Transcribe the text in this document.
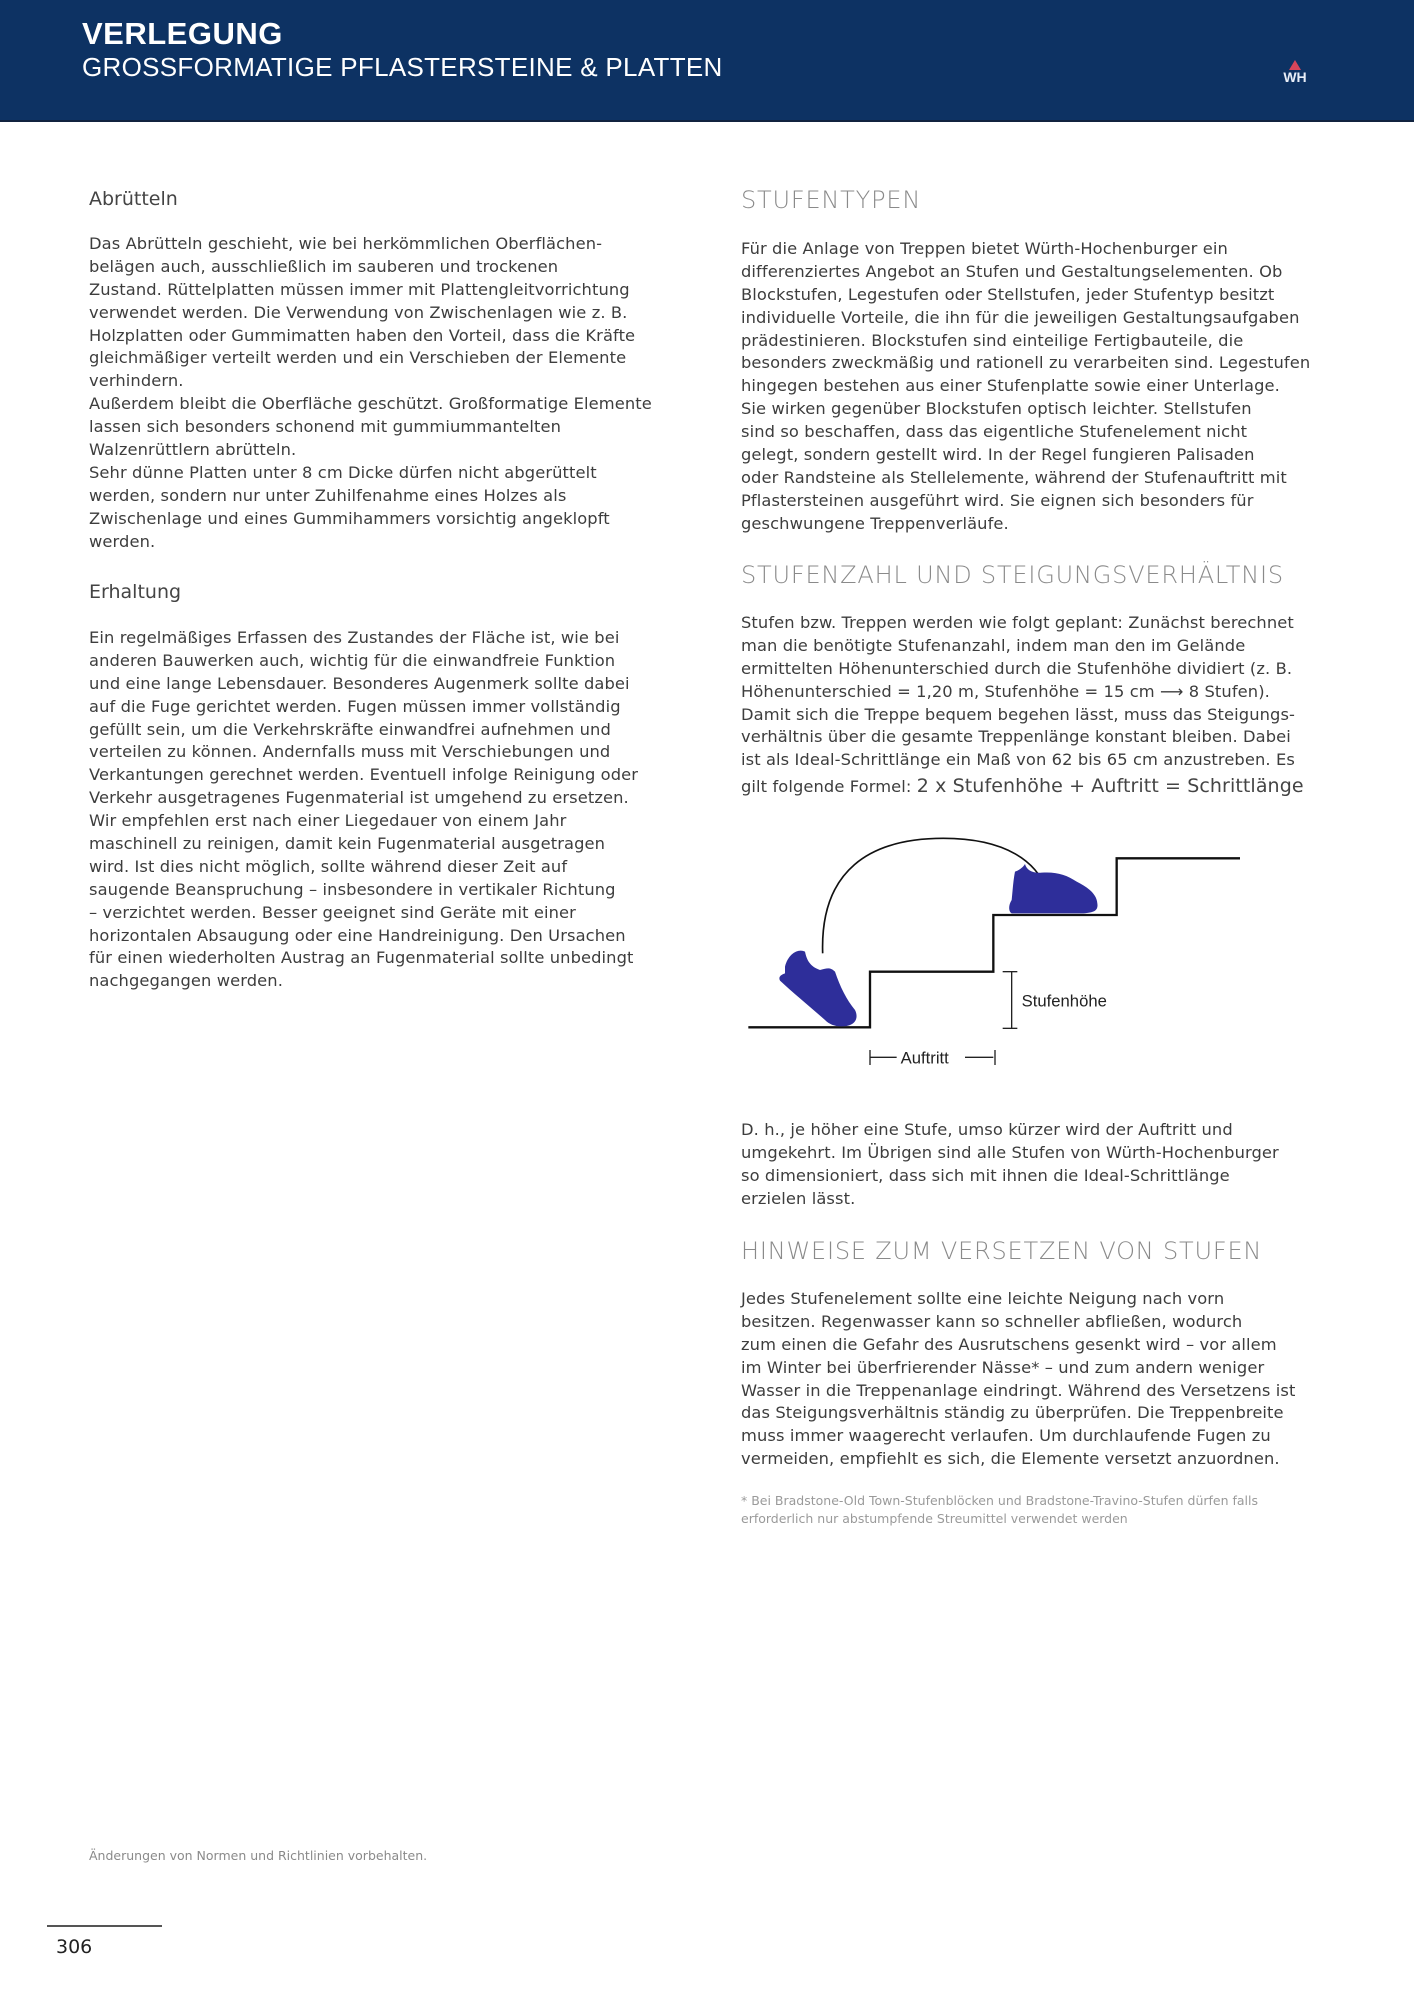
VERLEGUNG
GROSSFORMATIGE PFLASTERSTEINE & PLATTEN	WH
Abrütteln
Das Abrütteln geschieht, wie bei herkömmlichen Oberflächen-
belägen auch, ausschließlich im sauberen und trockenen
Zustand. Rüttelplatten müssen immer mit Plattengleitvorrichtung
verwendet werden. Die Verwendung von Zwischenlagen wie z. B.
Holzplatten oder Gummimatten haben den Vorteil, dass die Kräfte
gleichmäßiger verteilt werden und ein Verschieben der Elemente
verhindern.
Außerdem bleibt die Oberfläche geschützt. Großformatige Elemente
lassen sich besonders schonend mit gummiummantelten
Walzenrüttlern abrütteln.
Sehr dünne Platten unter 8 cm Dicke dürfen nicht abgerüttelt
werden, sondern nur unter Zuhilfenahme eines Holzes als
Zwischenlage und eines Gummihammers vorsichtig angeklopft
werden.
Erhaltung
Ein regelmäßiges Erfassen des Zustandes der Fläche ist, wie bei
anderen Bauwerken auch, wichtig für die einwandfreie Funktion
und eine lange Lebensdauer. Besonderes Augenmerk sollte dabei
auf die Fuge gerichtet werden. Fugen müssen immer vollständig
gefüllt sein, um die Verkehrskräfte einwandfrei aufnehmen und
verteilen zu können. Andernfalls muss mit Verschiebungen und
Verkantungen gerechnet werden. Eventuell infolge Reinigung oder
Verkehr ausgetragenes Fugenmaterial ist umgehend zu ersetzen.
Wir empfehlen erst nach einer Liegedauer von einem Jahr
maschinell zu reinigen, damit kein Fugenmaterial ausgetragen
wird. Ist dies nicht möglich, sollte während dieser Zeit auf
saugende Beanspruchung – insbesondere in vertikaler Richtung
– verzichtet werden. Besser geeignet sind Geräte mit einer
horizontalen Absaugung oder eine Handreinigung. Den Ursachen
für einen wiederholten Austrag an Fugenmaterial sollte unbedingt
nachgegangen werden.
STUFENTYPEN
Für die Anlage von Treppen bietet Würth-Hochenburger ein
differenziertes Angebot an Stufen und Gestaltungselementen. Ob
Blockstufen, Legestufen oder Stellstufen, jeder Stufentyp besitzt
individuelle Vorteile, die ihn für die jeweiligen Gestaltungsaufgaben
prädestinieren. Blockstufen sind einteilige Fertigbauteile, die
besonders zweckmäßig und rationell zu verarbeiten sind. Legestufen
hingegen bestehen aus einer Stufenplatte sowie einer Unterlage.
Sie wirken gegenüber Blockstufen optisch leichter. Stellstufen
sind so beschaffen, dass das eigentliche Stufenelement nicht
gelegt, sondern gestellt wird. In der Regel fungieren Palisaden
oder Randsteine als Stellelemente, während der Stufenauftritt mit
Pflastersteinen ausgeführt wird. Sie eignen sich besonders für
geschwungene Treppenverläufe.
STUFENZAHL UND STEIGUNGSVERHÄLTNIS
Stufen bzw. Treppen werden wie folgt geplant: Zunächst berechnet
man die benötigte Stufenanzahl, indem man den im Gelände
ermittelten Höhenunterschied durch die Stufenhöhe dividiert (z. B.
Höhenunterschied = 1,20 m, Stufenhöhe = 15 cm ⟶ 8 Stufen).
Damit sich die Treppe bequem begehen lässt, muss das Steigungs-
verhältnis über die gesamte Treppenlänge konstant bleiben. Dabei
ist als Ideal-Schrittlänge ein Maß von 62 bis 65 cm anzustreben. Es
gilt folgende Formel: 2 x Stufenhöhe + Auftritt = Schrittlänge
Stufenhöhe
Auftritt
D. h., je höher eine Stufe, umso kürzer wird der Auftritt und
umgekehrt. Im Übrigen sind alle Stufen von Würth-Hochenburger
so dimensioniert, dass sich mit ihnen die Ideal-Schrittlänge
erzielen lässt.
HINWEISE ZUM VERSETZEN VON STUFEN
Jedes Stufenelement sollte eine leichte Neigung nach vorn
besitzen. Regenwasser kann so schneller abfließen, wodurch
zum einen die Gefahr des Ausrutschens gesenkt wird – vor allem
im Winter bei überfrierender Nässe* – und zum andern weniger
Wasser in die Treppenanlage eindringt. Während des Versetzens ist
das Steigungsverhältnis ständig zu überprüfen. Die Treppenbreite
muss immer waagerecht verlaufen. Um durchlaufende Fugen zu
vermeiden, empfiehlt es sich, die Elemente versetzt anzuordnen.
* Bei Bradstone-Old Town-Stufenblöcken und Bradstone-Travino-Stufen dürfen falls
erforderlich nur abstumpfende Streumittel verwendet werden
Änderungen von Normen und Richtlinien vorbehalten.
306
